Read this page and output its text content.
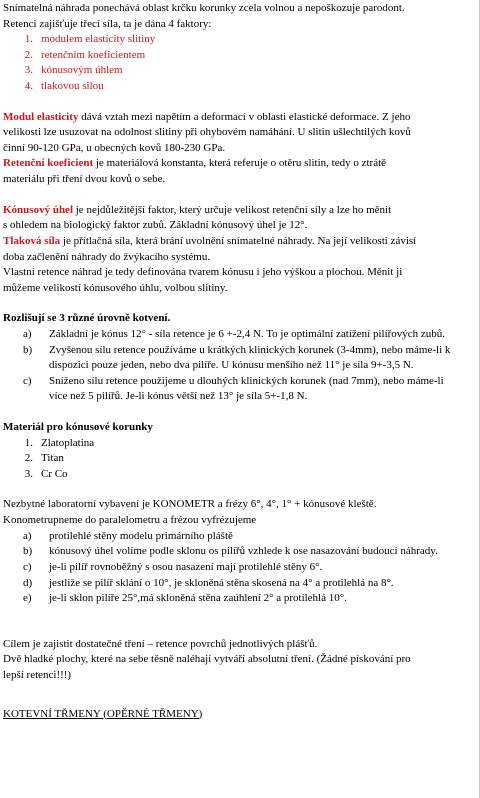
Snímatelná náhrada ponechává oblast krčku korunky zcela volnou a nepoškozuje parodont.
Retenci zajišťuje třecí síla, ta je dána 4 faktory:
1. modulem elasticity slitiny
2. retenčním koeficientem
3. kónusovým úhlem
4. tlakovou silou
Modul elasticity dává vztah mezi napětím a deformací v oblasti elastické deformace. Z jeho
velikosti lze usuzovat na odolnost slitiny při ohybovém namáhání. U slitin ušlechtilých kovů
činní 90-120 GPa, u obecných kovů 180-230 GPa.
Retenční koeficient je materiálová konstanta, která referuje o otěru slitin, tedy o ztrátě
materiálu při tření dvou kovů o sebe.
Kónusový úhel je nejdůležitější faktor, který určuje velikost retenční síly a lze ho měnit
s ohledem na biologický faktor zubů. Základní kónusový úhel je 12°.
Tlaková síla je přítlačná síla, která brání uvolnění snímatelné náhrady. Na její velikosti závisí
doba začlenění náhrady do žvýkacího systému.
Vlastní retence náhrad je tedy definována tvarem kónusu i jeho výškou a plochou. Měnit ji
můžeme velikostí kónusového úhlu, volbou slitiny.
Rozlišují se 3 různé úrovně kotvení.
a)	Základní je kónus 12° - síla retence je 6 +-2,4 N. To je optimální zatížení pilířových zubů.
b)	Zvyšenou sílu retence používáme u krátkých klinických korunek (3-4mm), nebo máme-li k dispozici pouze jeden, nebo dva pilíře. U kónusu menšího než 11° je síla 9+-3,5 N.
c)	Sníženo sílu retence použijeme u dlouhých klinických korunek (nad 7mm), nebo máme-li více než 5 pilířů. Je-li kónus větší než 13° je síla 5+-1,8 N.
Materiál pro kónusové korunky
1. Zlatoplatina
2. Titan
3. Cr Co
Nezbytné laboratorní vybavení je KONOMETR a frézy 6°, 4°, 1° + kónusové kleště.
Konometrupneme do paralelometru a frézou vyfrézujeme
a)	protilehlé stěny modelu primárního pláště
b)	kónusový úhel volíme podle sklonu os pilířů vzhlede k ose nasazování budoucí náhrady.
c)	je-li pilíř rovnoběžný s osou nasazení mají protilehlé stěny 6°.
d)	jestliže se pilíř sklání o 10°, je skloněná stěna skosená na 4° a protilehlá na 8°.
e)	je-li sklon pilíře 25°,má skloněná stěna zaúhlení 2° a protilehlá 10°.
Cílem je zajistit dostatečné tření – retence povrchů jednotlivých plášťů.
Dvě hladké plochy, které na sebe těsně naléhají vytváří absolutní tření. (Žádné pískování pro
lepší retenci!!!)
KOTEVNÍ TŘMENY (OPĚRNÉ TŘMENY)
